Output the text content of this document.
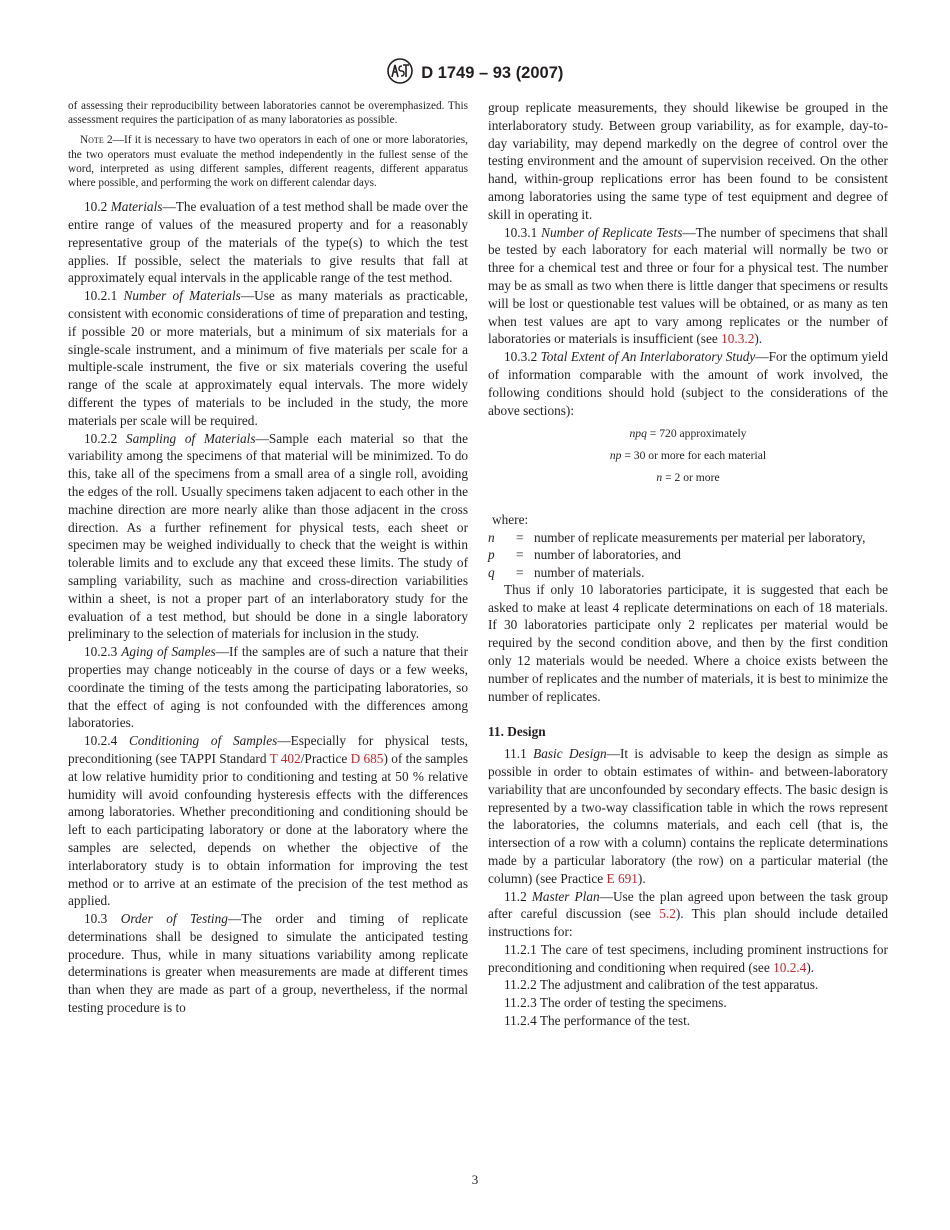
D 1749 – 93 (2007)

of assessing their reproducibility between laboratories cannot be overemphasized. This assessment requires the participation of as many laboratories as possible.

Note 2—If it is necessary to have two operators in each of one or more laboratories, the two operators must evaluate the method independently in the fullest sense of the word, interpreted as using different samples, different reagents, different apparatus where possible, and performing the work on different calendar days.

10.2 Materials—The evaluation of a test method shall be made over the entire range of values of the measured property and for a reasonably representative group of the materials of the type(s) to which the test applies. If possible, select the materials to give results that fall at approximately equal intervals in the applicable range of the test method.

10.2.1 Number of Materials—Use as many materials as practicable, consistent with economic considerations of time of preparation and testing, if possible 20 or more materials, but a minimum of six materials for a single-scale instrument, and a minimum of five materials per scale for a multiple-scale instrument, the five or six materials covering the useful range of the scale at approximately equal intervals. The more widely different the types of materials to be included in the study, the more materials per scale will be required.

10.2.2 Sampling of Materials—Sample each material so that the variability among the specimens of that material will be minimized. To do this, take all of the specimens from a small area of a single roll, avoiding the edges of the roll. Usually specimens taken adjacent to each other in the machine direction are more nearly alike than those adjacent in the cross direction. As a further refinement for physical tests, each sheet or specimen may be weighed individually to check that the weight is within tolerable limits and to exclude any that exceed these limits. The study of sampling variability, such as machine and cross-direction variabilities within a sheet, is not a proper part of an interlaboratory study for the evaluation of a test method, but should be done in a single laboratory preliminary to the selection of materials for inclusion in the study.

10.2.3 Aging of Samples—If the samples are of such a nature that their properties may change noticeably in the course of days or a few weeks, coordinate the timing of the tests among the participating laboratories, so that the effect of aging is not confounded with the differences among laboratories.

10.2.4 Conditioning of Samples—Especially for physical tests, preconditioning (see TAPPI Standard T 402/Practice D 685) of the samples at low relative humidity prior to conditioning and testing at 50 % relative humidity will avoid confounding hysteresis effects with the differences among laboratories. Whether preconditioning and conditioning should be left to each participating laboratory or done at the laboratory where the samples are selected, depends on whether the objective of the interlaboratory study is to obtain information for improving the test method or to arrive at an estimate of the precision of the test method as applied.

10.3 Order of Testing—The order and timing of replicate determinations shall be designed to simulate the anticipated testing procedure. Thus, while in many situations variability among replicate determinations is greater when measurements are made at different times than when they are made as part of a group, nevertheless, if the normal testing procedure is to

group replicate measurements, they should likewise be grouped in the interlaboratory study. Between group variability, as for example, day-to-day variability, may depend markedly on the degree of control over the testing environment and the amount of supervision received. On the other hand, within-group replications error has been found to be consistent among laboratories using the same type of test equipment and degree of skill in operating it.

10.3.1 Number of Replicate Tests—The number of specimens that shall be tested by each laboratory for each material will normally be two or three for a chemical test and three or four for a physical test. The number may be as small as two when there is little danger that specimens or results will be lost or questionable test values will be obtained, or as many as ten when test values are apt to vary among replicates or the number of laboratories or materials is insufficient (see 10.3.2).

10.3.2 Total Extent of An Interlaboratory Study—For the optimum yield of information comparable with the amount of work involved, the following conditions should hold (subject to the considerations of the above sections):

npq = 720 approximately
np = 30 or more for each material
n = 2 or more
where:
n	= number of replicate measurements per material per laboratory,
p	= number of laboratories, and
q	= number of materials.

Thus if only 10 laboratories participate, it is suggested that each be asked to make at least 4 replicate determinations on each of 18 materials. If 30 laboratories participate only 2 replicates per material would be required by the second condition above, and then by the first condition only 12 materials would be needed. Where a choice exists between the number of replicates and the number of materials, it is best to minimize the number of replicates.

11. Design

11.1 Basic Design—It is advisable to keep the design as simple as possible in order to obtain estimates of within- and between-laboratory variability that are unconfounded by secondary effects. The basic design is represented by a two-way classification table in which the rows represent the laboratories, the columns materials, and each cell (that is, the intersection of a row with a column) contains the replicate determinations made by a particular laboratory (the row) on a particular material (the column) (see Practice E 691).

11.2 Master Plan—Use the plan agreed upon between the task group after careful discussion (see 5.2). This plan should include detailed instructions for:

11.2.1 The care of test specimens, including prominent instructions for preconditioning and conditioning when required (see 10.2.4).

11.2.2 The adjustment and calibration of the test apparatus.

11.2.3 The order of testing the specimens.

11.2.4 The performance of the test.

3
